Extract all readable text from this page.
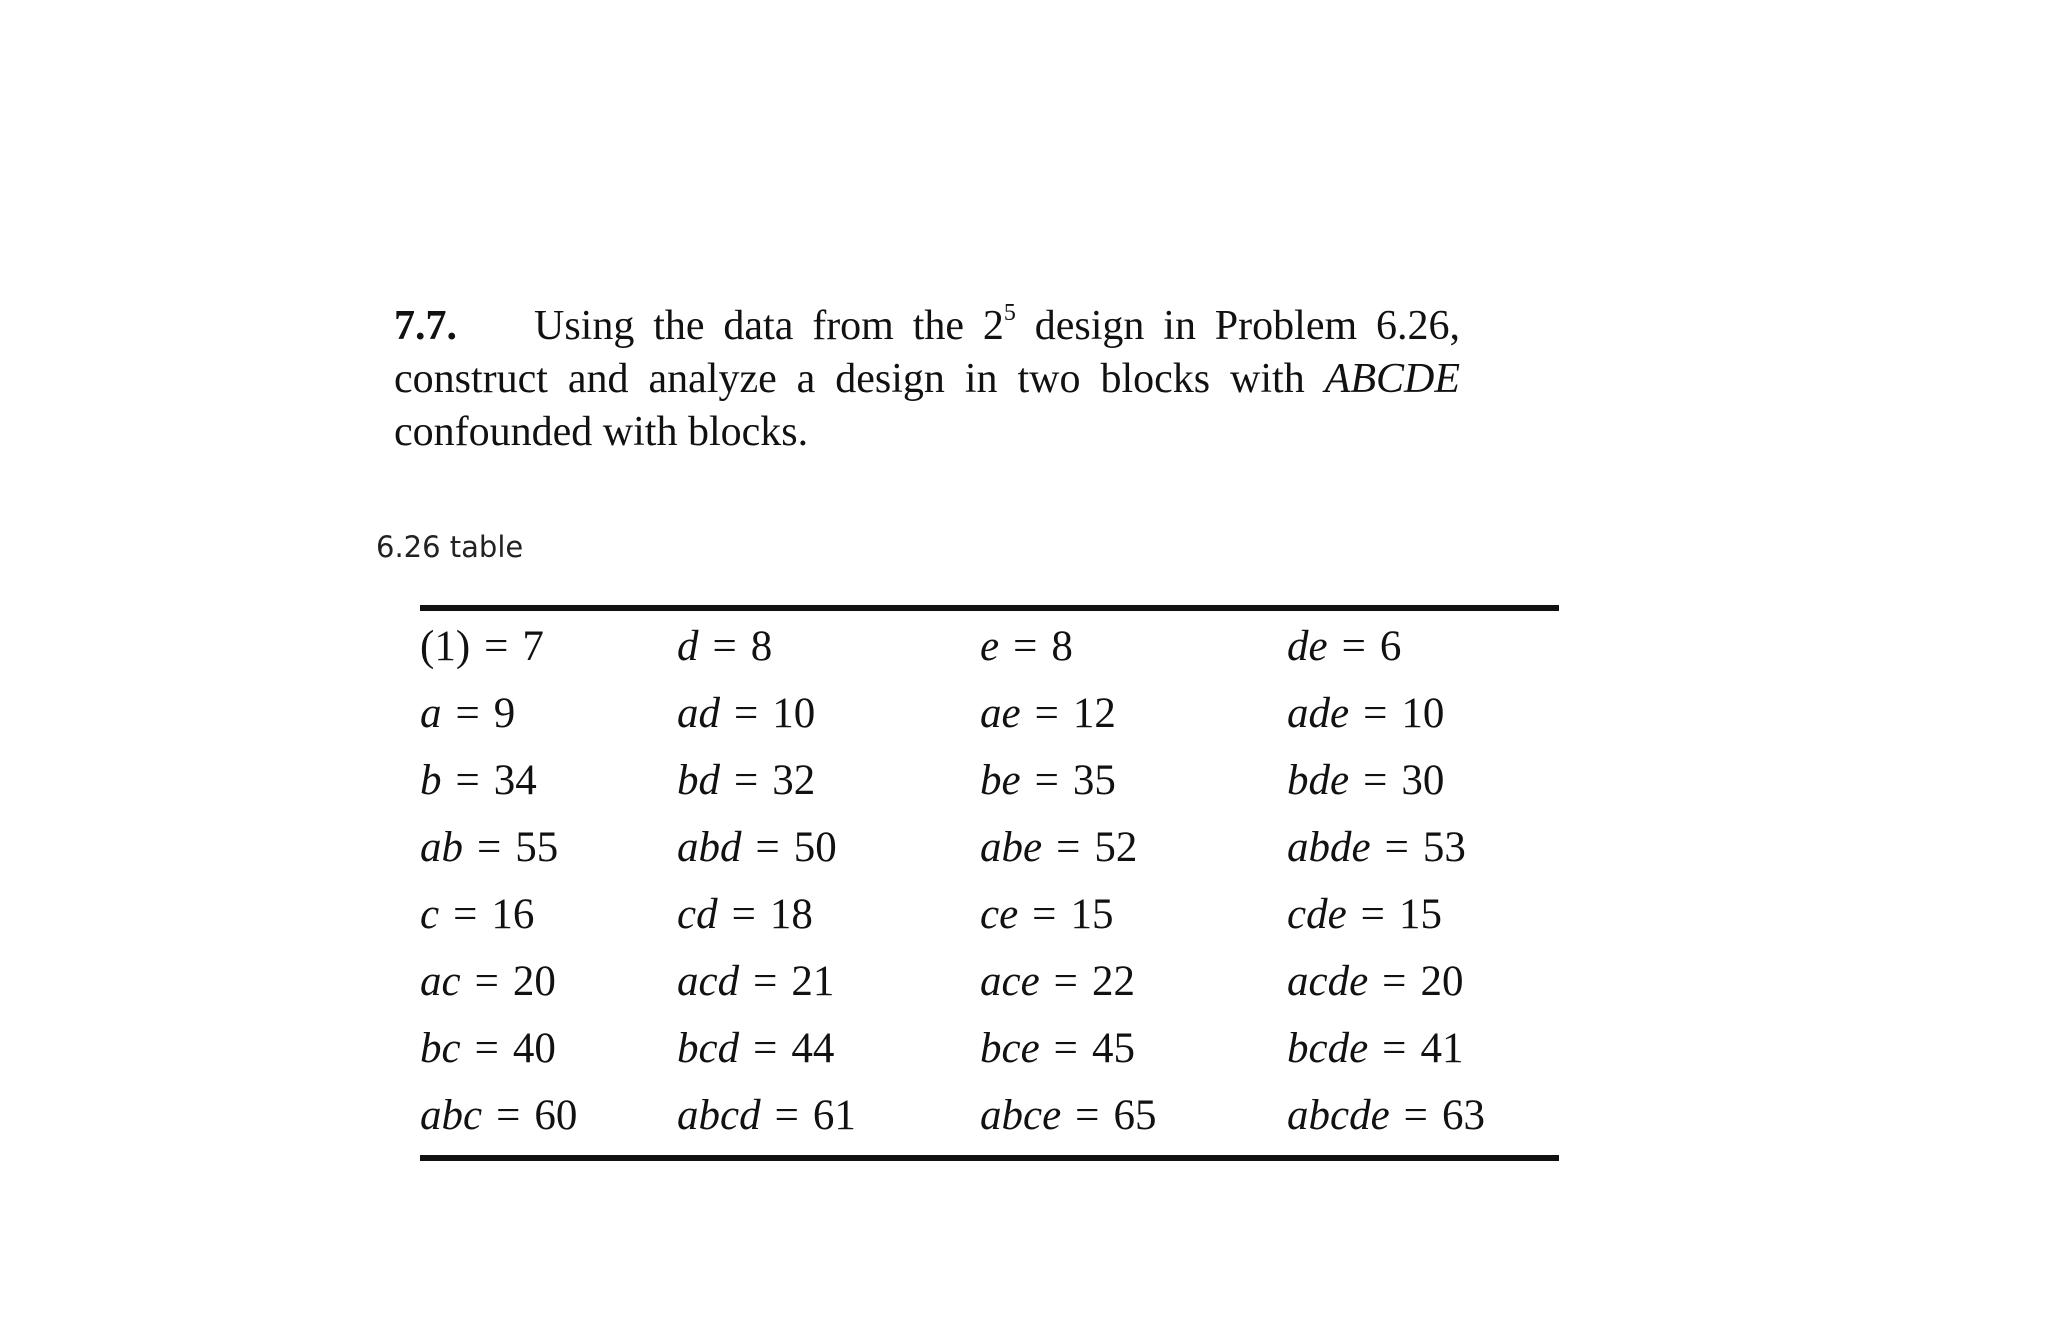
7.7. Using the data from the $2^5$ design in Problem 6.26,
construct and analyze a design in two blocks with ABCDE
confounded with blocks.
6.26 table
(1) = 7
a = 9
b = 34
ab = 55
c = 16
ac = 20
bc = 40
abc = 60
d = 8
ad = 10
bd = 32
abd = 50
cd = 18
acd = 21
bcd = 44
abcd = 61
e = 8
ae = 12
be = 35
abe = 52
ce = 15
ace = 22
bce = 45
abce = 65
de = 6
ade = 10
bde = 30
abde = 53
cde = 15
acde = 20
bcde = 41
abcde = 63
